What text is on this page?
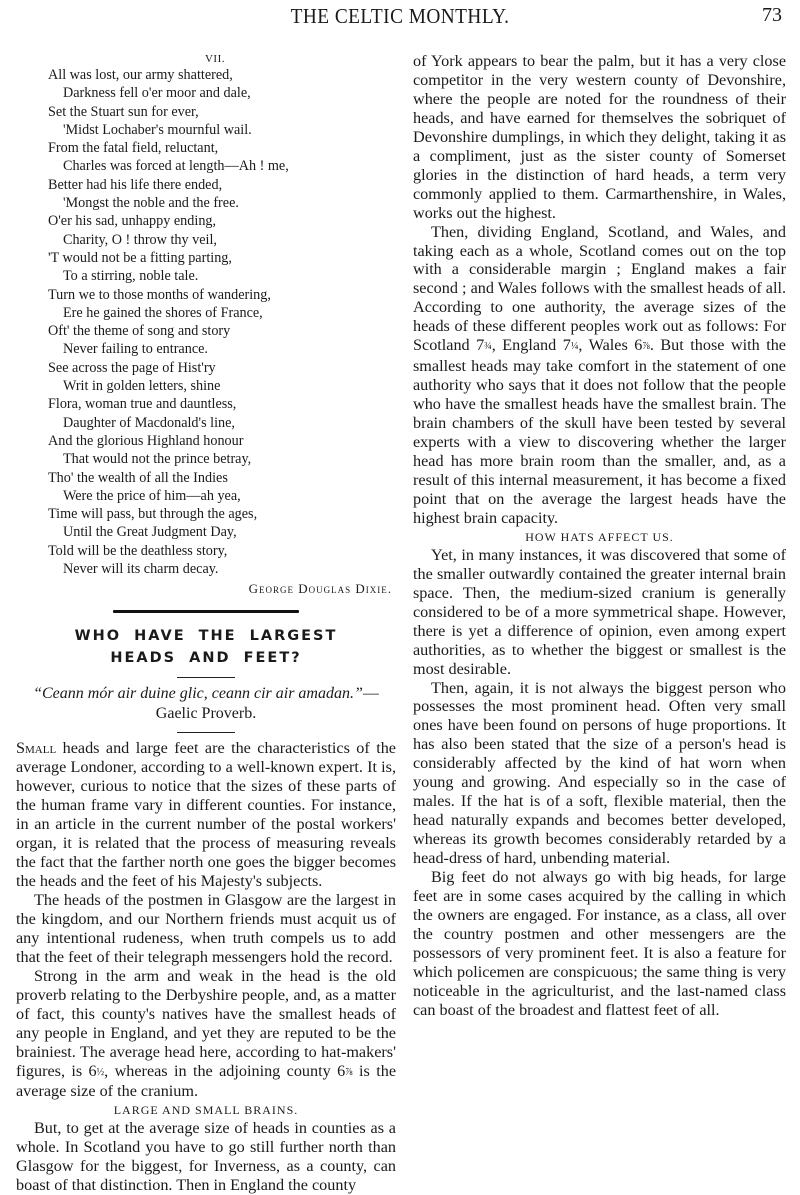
THE CELTIC MONTHLY.	73
VII.
All was lost, our army shattered,
Darkness fell o'er moor and dale,
Set the Stuart sun for ever,
'Midst Lochaber's mournful wail.
From the fatal field, reluctant,
Charles was forced at length—Ah ! me,
Better had his life there ended,
'Mongst the noble and the free.
O'er his sad, unhappy ending,
Charity, O ! throw thy veil,
'T would not be a fitting parting,
To a stirring, noble tale.
Turn we to those months of wandering,
Ere he gained the shores of France,
Oft' the theme of song and story
Never failing to entrance.
See across the page of Hist'ry
Writ in golden letters, shine
Flora, woman true and dauntless,
Daughter of Macdonald's line,
And the glorious Highland honour
That would not the prince betray,
Tho' the wealth of all the Indies
Were the price of him—ah yea,
Time will pass, but through the ages,
Until the Great Judgment Day,
Told will be the deathless story,
Never will its charm decay.
George Douglas Dixie.
WHO HAVE THE LARGEST
HEADS AND FEET?
“Ceann mór air duine glic, ceann cir air amadan.”—Gaelic Proverb.

Small heads and large feet are the characteristics of the average Londoner, according to a well-known expert. It is, however, curious to notice that the sizes of these parts of the human frame vary in different counties. For instance, in an article in the current number of the postal workers' organ, it is related that the process of measuring reveals the fact that the farther north one goes the bigger becomes the heads and the feet of his Majesty's subjects.

The heads of the postmen in Glasgow are the largest in the kingdom, and our Northern friends must acquit us of any intentional rudeness, when truth compels us to add that the feet of their telegraph messengers hold the record.

Strong in the arm and weak in the head is the old proverb relating to the Derbyshire people, and, as a matter of fact, this county's natives have the smallest heads of any people in England, and yet they are reputed to be the brainiest. The average head here, according to hat-makers' figures, is 6½, whereas in the adjoining county 6⅞ is the average size of the cranium.

LARGE AND SMALL BRAINS.

But, to get at the average size of heads in counties as a whole. In Scotland you have to go still further north than Glasgow for the biggest, for Inverness, as a county, can boast of that distinction. Then in England the county

of York appears to bear the palm, but it has a very close competitor in the very western county of Devonshire, where the people are noted for the roundness of their heads, and have earned for themselves the sobriquet of Devonshire dumplings, in which they delight, taking it as a compliment, just as the sister county of Somerset glories in the distinction of hard heads, a term very commonly applied to them. Carmarthenshire, in Wales, works out the highest.

Then, dividing England, Scotland, and Wales, and taking each as a whole, Scotland comes out on the top with a considerable margin ; England makes a fair second ; and Wales follows with the smallest heads of all. According to one authority, the average sizes of the heads of these different peoples work out as follows: For Scotland 7¾, England 7¼, Wales 6⅞. But those with the smallest heads may take comfort in the statement of one authority who says that it does not follow that the people who have the smallest heads have the smallest brain. The brain chambers of the skull have been tested by several experts with a view to discovering whether the larger head has more brain room than the smaller, and, as a result of this internal measurement, it has become a fixed point that on the average the largest heads have the highest brain capacity.

HOW HATS AFFECT US.

Yet, in many instances, it was discovered that some of the smaller outwardly contained the greater internal brain space. Then, the medium-sized cranium is generally considered to be of a more symmetrical shape. However, there is yet a difference of opinion, even among expert authorities, as to whether the biggest or smallest is the most desirable.

Then, again, it is not always the biggest person who possesses the most prominent head. Often very small ones have been found on persons of huge proportions. It has also been stated that the size of a person's head is considerably affected by the kind of hat worn when young and growing. And especially so in the case of males. If the hat is of a soft, flexible material, then the head naturally expands and becomes better developed, whereas its growth becomes considerably retarded by a head-dress of hard, unbending material.

Big feet do not always go with big heads, for large feet are in some cases acquired by the calling in which the owners are engaged. For instance, as a class, all over the country postmen and other messengers are the possessors of very prominent feet. It is also a feature for which policemen are conspicuous; the same thing is very noticeable in the agriculturist, and the last-named class can boast of the broadest and flattest feet of all.
